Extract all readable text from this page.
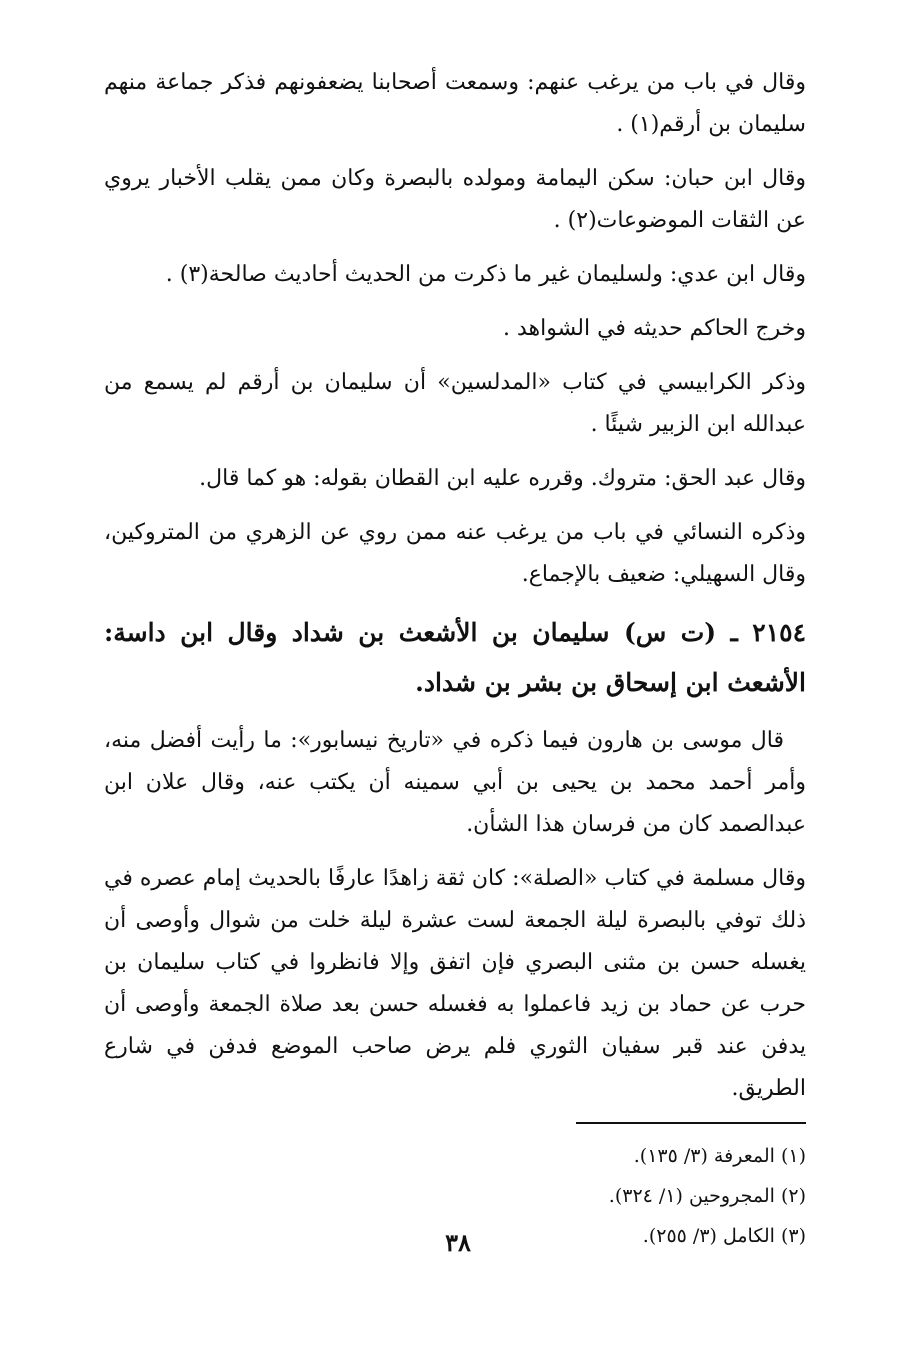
وقال في باب من يرغب عنهم: وسمعت أصحابنا يضعفونهم فذكر جماعة منهم سليمان بن أرقم(١) .

وقال ابن حبان: سكن اليمامة ومولده بالبصرة وكان ممن يقلب الأخبار يروي عن الثقات الموضوعات(٢) .

وقال ابن عدي: ولسليمان غير ما ذكرت من الحديث أحاديث صالحة(٣) .

وخرج الحاكم حديثه في الشواهد .

وذكر الكرابيسي في كتاب «المدلسين» أن سليمان بن أرقم لم يسمع من عبدالله ابن الزبير شيئًا .

وقال عبد الحق: متروك. وقرره عليه ابن القطان بقوله: هو كما قال.

وذكره النسائي في باب من يرغب عنه ممن روي عن الزهري من المتروكين، وقال السهيلي: ضعيف بالإجماع.

٢١٥٤ ـ (ت س) سليمان بن الأشعث بن شداد وقال ابن داسة: الأشعث ابن إسحاق بن بشر بن شداد.

قال موسى بن هارون فيما ذكره في «تاريخ نيسابور»: ما رأيت أفضل منه، وأمر أحمد محمد بن يحيى بن أبي سمينه أن يكتب عنه، وقال علان ابن عبدالصمد كان من فرسان هذا الشأن.

وقال مسلمة في كتاب «الصلة»: كان ثقة زاهدًا عارفًا بالحديث إمام عصره في ذلك توفي بالبصرة ليلة الجمعة لست عشرة ليلة خلت من شوال وأوصى أن يغسله حسن بن مثنى البصري فإن اتفق وإلا فانظروا في كتاب سليمان بن حرب عن حماد بن زيد فاعملوا به فغسله حسن بعد صلاة الجمعة وأوصى أن يدفن عند قبر سفيان الثوري فلم يرض صاحب الموضع فدفن في شارع الطريق.

(١) المعرفة (٣/ ١٣٥).

(٢) المجروحين (١/ ٣٢٤).

(٣) الكامل (٣/ ٢٥٥).

٣٨
